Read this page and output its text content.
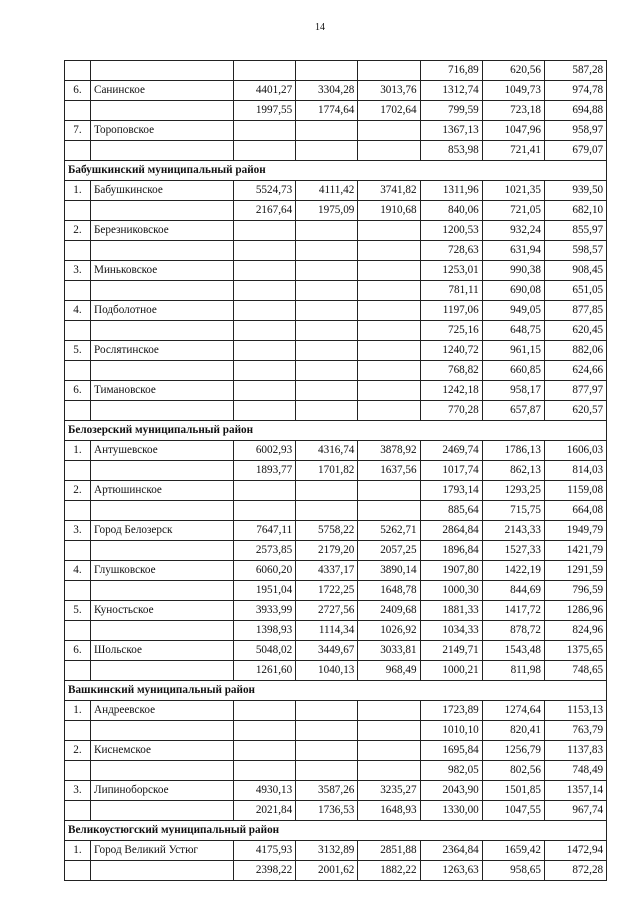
14
					716,89	620,56	587,28
6.	Санинское	4401,27	3304,28	3013,76	1312,74	1049,73	974,78
		1997,55	1774,64	1702,64	799,59	723,18	694,88
7.	Тороповское				1367,13	1047,96	958,97
					853,98	721,41	679,07
Бабушкинский муниципальный район							
1.	Бабушкинское	5524,73	4111,42	3741,82	1311,96	1021,35	939,50
		2167,64	1975,09	1910,68	840,06	721,05	682,10
2.	Березниковское				1200,53	932,24	855,97
					728,63	631,94	598,57
3.	Миньковское				1253,01	990,38	908,45
					781,11	690,08	651,05
4.	Подболотное				1197,06	949,05	877,85
					725,16	648,75	620,45
5.	Рослятинское				1240,72	961,15	882,06
					768,82	660,85	624,66
6.	Тимановское				1242,18	958,17	877,97
					770,28	657,87	620,57
Белозерский муниципальный район							
1.	Антушевское	6002,93	4316,74	3878,92	2469,74	1786,13	1606,03
		1893,77	1701,82	1637,56	1017,74	862,13	814,03
2.	Артюшинское				1793,14	1293,25	1159,08
					885,64	715,75	664,08
3.	Город Белозерск	7647,11	5758,22	5262,71	2864,84	2143,33	1949,79
		2573,85	2179,20	2057,25	1896,84	1527,33	1421,79
4.	Глушковское	6060,20	4337,17	3890,14	1907,80	1422,19	1291,59
		1951,04	1722,25	1648,78	1000,30	844,69	796,59
5.	Куностьское	3933,99	2727,56	2409,68	1881,33	1417,72	1286,96
		1398,93	1114,34	1026,92	1034,33	878,72	824,96
6.	Шольское	5048,02	3449,67	3033,81	2149,71	1543,48	1375,65
		1261,60	1040,13	968,49	1000,21	811,98	748,65
Вашкинский муниципальный район							
1.	Андреевское				1723,89	1274,64	1153,13
					1010,10	820,41	763,79
2.	Киснемское				1695,84	1256,79	1137,83
					982,05	802,56	748,49
3.	Липиноборское	4930,13	3587,26	3235,27	2043,90	1501,85	1357,14
		2021,84	1736,53	1648,93	1330,00	1047,55	967,74
Великоустюгский муниципальный район							
1.	Город Великий Устюг	4175,93	3132,89	2851,88	2364,84	1659,42	1472,94
		2398,22	2001,62	1882,22	1263,63	958,65	872,28
